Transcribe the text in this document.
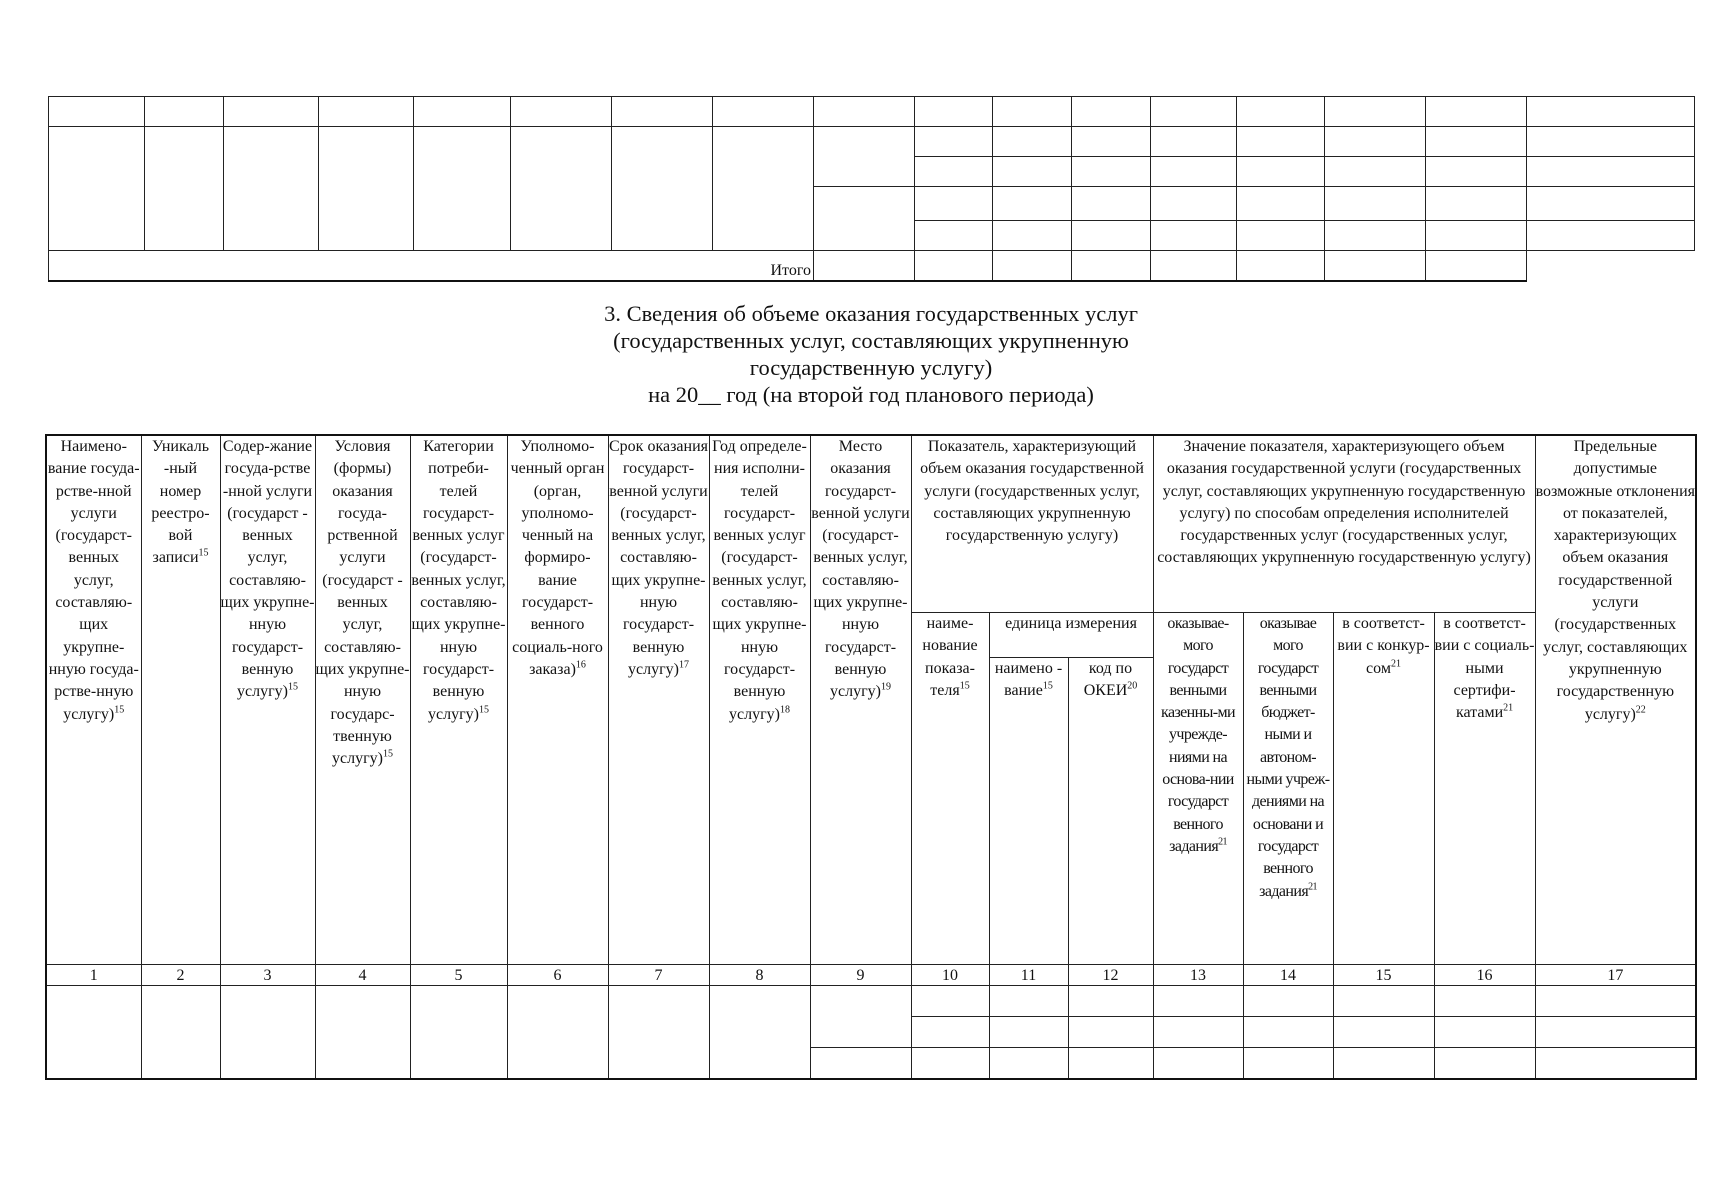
Итого																
3. Сведения об объеме оказания государственных услуг
(государственных услуг, составляющих укрупненную
государственную услугу)
на 20__ год (на второй год планового периода)
Наимено-вание госуда-рстве-нной услуги (государст-венных услуг, составляю-щих укрупне-нную госуда-рстве-нную услугу)$^{15}$	Уникаль -ный номер реестро-вой записи$^{15}$	Содер-жание госуда-рстве -нной услуги (государст - венных услуг, составляю-щих укрупне-нную государст-венную услугу)$^{15}$	Условия (формы) оказания госуда-рственной услуги (государст - венных услуг, составляю-щих укрупне-нную государс-твенную услугу)$^{15}$	Категории потреби-телей государст-венных услуг (государст-венных услуг, составляю-щих укрупне-нную государст-венную услугу)$^{15}$	Уполномо-ченный орган (орган, уполномо-ченный на формиро-вание государст-венного социаль-ного заказа)$^{16}$	Срок оказания государст-венной услуги (государст-венных услуг, составляю-щих укрупне-нную государст-венную услугу)$^{17}$	Год определе-ния исполни-телей государст-венных услуг (государст-венных услуг, составляю-щих укрупне-нную государст-венную услугу)$^{18}$	Место оказания государст-венной услуги (государст-венных услуг, составляю-щих укрупне-нную государст-венную услугу)$^{19}$	Показатель, характеризующий объем оказания государственной услуги (государственных услуг, составляющих укрупненную государственную услугу)			Значение показателя, характеризующего объем оказания государственной услуги (государственных услуг, составляющих укрупненную государственную услугу) по способам определения исполнителей государственных услуг (государственных услуг, составляющих укрупненную государственную услугу)				Предельные допустимые возможные отклонения от показателей, характеризующих объем оказания государственной услуги (государственных услуг, составляющих укрупненную государственную услугу)$^{22}$
									наиме-нование показа-теля$^{15}$	единица измерения		оказывае-мого государст венными казенны-ми учрежде-ниями на основа-нии государст венного задания$^{21}$	оказывае мого государст венными бюджет-ными и автоном-ными учреж-дениями на основани и государст венного задания$^{21}$	в соответст-вии с конкур-сом$^{21}$	в соответст-вии с социаль-ными сертифи-катами$^{21}$
										наимено - вание$^{15}$	код по ОКЕИ$^{20}$
1	2	3	4	5	6	7	8	9	10	11	12	13	14	15	16	17
